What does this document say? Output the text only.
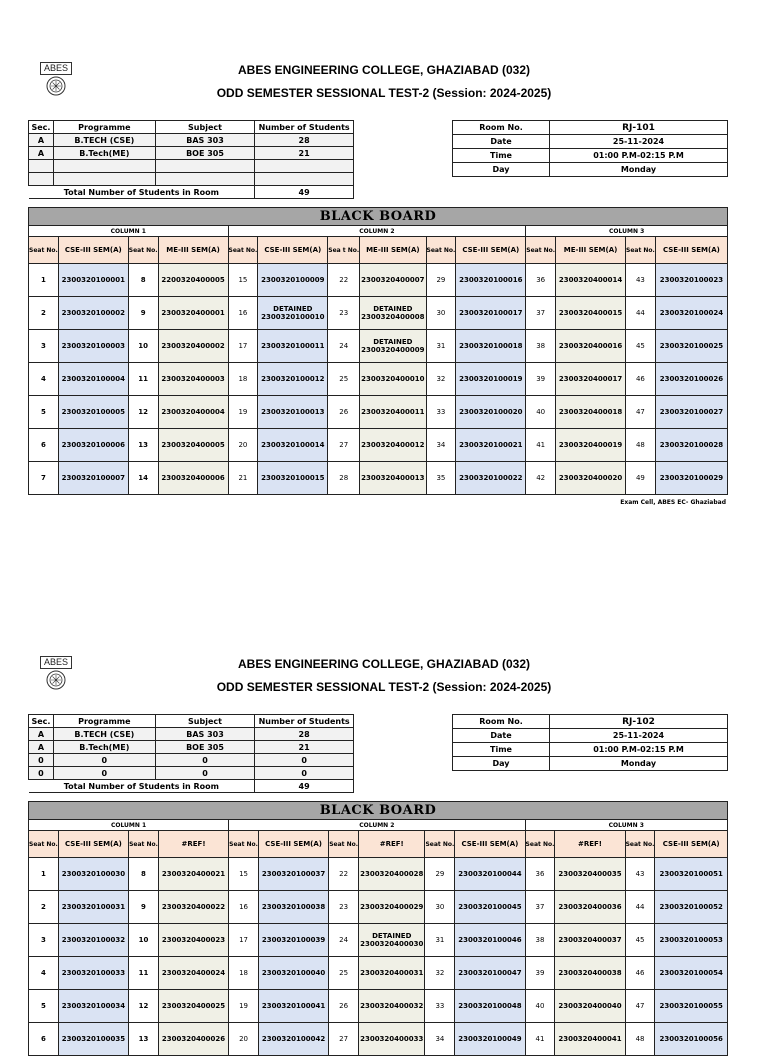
ABES	ABES ENGINEERING COLLEGE, GHAZIABAD (032)
ODD SEMESTER SESSIONAL TEST-2 (Session: 2024-2025)
Sec.	Programme	Subject	Number of Students
A	B.TECH (CSE)	BAS 303	28
A	B.Tech(ME)	BOE 305	21

Total Number of Students in Room			49
Room No.	RJ-101
Date	25-11-2024
Time	01:00 P.M-02:15 P.M
Day	Monday
BLACK BOARD
COLUMN 1				COLUMN 2						COLUMN 3			
Seat No.	CSE-III SEM(A)	Seat No.	ME-III SEM(A)	Seat No.	CSE-III SEM(A)	Sea t No.	ME-III SEM(A)	Seat No.	CSE-III SEM(A)	Seat No.	ME-III SEM(A)	Seat No.	CSE-III SEM(A)
1	2300320100001	8	2200320400005	15	2300320100009	22	2300320400007	29	2300320100016	36	2300320400014	43	2300320100023
2	2300320100002	9	2300320400001	16	DETAINED
2300320100010	23	DETAINED
2300320400008	30	2300320100017	37	2300320400015	44	2300320100024
3	2300320100003	10	2300320400002	17	2300320100011	24	DETAINED
2300320400009	31	2300320100018	38	2300320400016	45	2300320100025
4	2300320100004	11	2300320400003	18	2300320100012	25	2300320400010	32	2300320100019	39	2300320400017	46	2300320100026
5	2300320100005	12	2300320400004	19	2300320100013	26	2300320400011	33	2300320100020	40	2300320400018	47	2300320100027
6	2300320100006	13	2300320400005	20	2300320100014	27	2300320400012	34	2300320100021	41	2300320400019	48	2300320100028
7	2300320100007	14	2300320400006	21	2300320100015	28	2300320400013	35	2300320100022	42	2300320400020	49	2300320100029
Exam Cell, ABES EC- Ghaziabad
ABES	ABES ENGINEERING COLLEGE, GHAZIABAD (032)
ODD SEMESTER SESSIONAL TEST-2 (Session: 2024-2025)
Sec.	Programme	Subject	Number of Students
A	B.TECH (CSE)	BAS 303	28
A	B.Tech(ME)	BOE 305	21
0	0	0	0
0	0	0	0
Total Number of Students in Room			49
Room No.	RJ-102
Date	25-11-2024
Time	01:00 P.M-02:15 P.M
Day	Monday
BLACK BOARD
COLUMN 1				COLUMN 2						COLUMN 3			
Seat No.	CSE-III SEM(A)	Seat No.	#REF!	Seat No.	CSE-III SEM(A)	Seat No.	#REF!	Seat No.	CSE-III SEM(A)	Seat No.	#REF!	Seat No.	CSE-III SEM(A)
1	2300320100030	8	2300320400021	15	2300320100037	22	2300320400028	29	2300320100044	36	2300320400035	43	2300320100051
2	2300320100031	9	2300320400022	16	2300320100038	23	2300320400029	30	2300320100045	37	2300320400036	44	2300320100052
3	2300320100032	10	2300320400023	17	2300320100039	24	DETAINED
2300320400030	31	2300320100046	38	2300320400037	45	2300320100053
4	2300320100033	11	2300320400024	18	2300320100040	25	2300320400031	32	2300320100047	39	2300320400038	46	2300320100054
5	2300320100034	12	2300320400025	19	2300320100041	26	2300320400032	33	2300320100048	40	2300320400040	47	2300320100055
6	2300320100035	13	2300320400026	20	2300320100042	27	2300320400033	34	2300320100049	41	2300320400041	48	2300320100056
